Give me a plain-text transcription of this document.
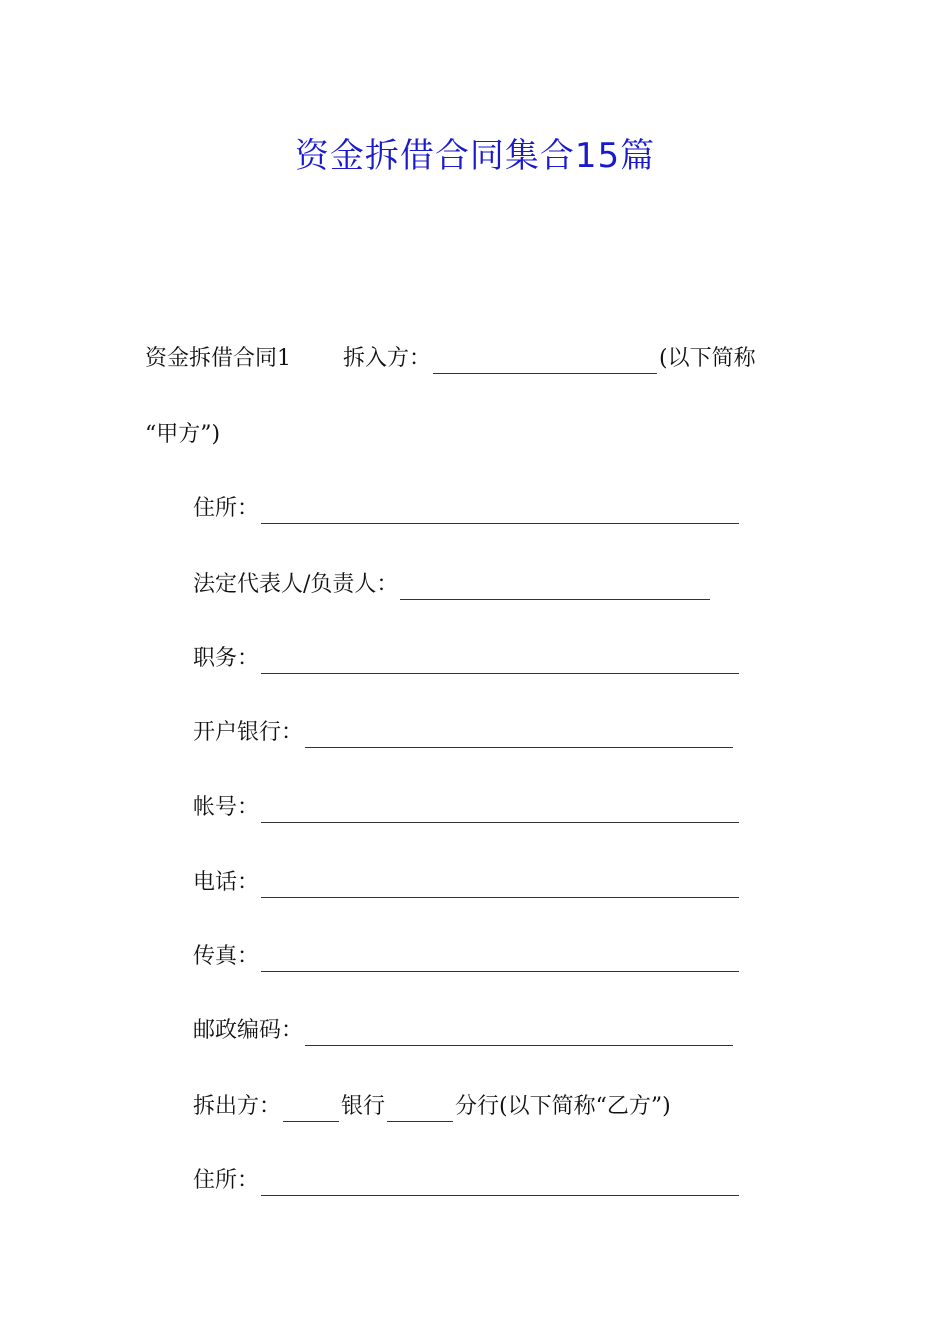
资金拆借合同集合15篇
资金拆借合同1 拆入方：	(以下简称
“甲方”)
住所：
法定代表人/负责人：
职务：
开户银行：
帐号：
电话：
传真：
邮政编码：
拆出方：	银行	分行(以下简称“乙方”)
住所：
